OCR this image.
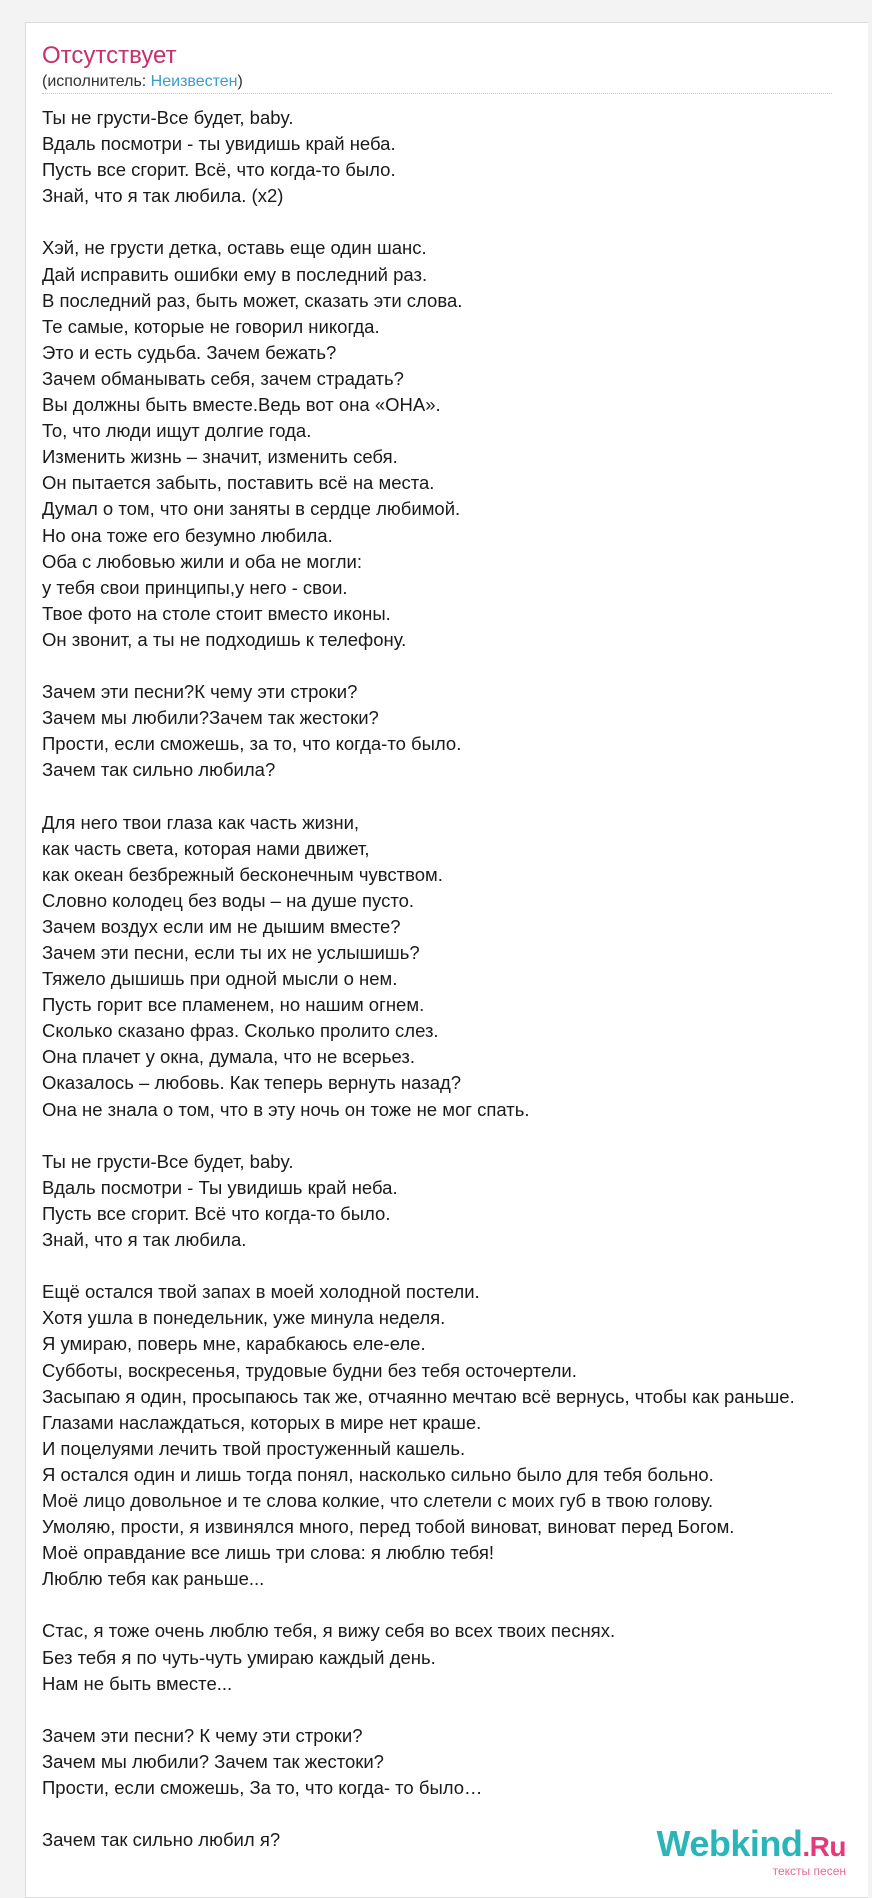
Отсутствует
(исполнитель: Неизвестен)
Ты не грусти-Все будет, baby.
Вдаль посмотри - ты увидишь край неба.
Пусть все сгорит. Всё, что когда-то было.
Знай, что я так любила. (x2)
Хэй, не грусти детка, оставь еще один шанс.
Дай исправить ошибки ему в последний раз.
В последний раз, быть может, сказать эти слова.
Те самые, которые не говорил никогда.
Это и есть судьба. Зачем бежать?
Зачем обманывать себя, зачем страдать?
Вы должны быть вместе.Ведь вот она «ОНА».
То, что люди ищут долгие года.
Изменить жизнь – значит, изменить себя.
Он пытается забыть, поставить всё на места.
Думал о том, что они заняты в сердце любимой.
Но она тоже его безумно любила.
Оба с любовью жили и оба не могли:
у тебя свои принципы,у него - свои.
Твое фото на столе стоит вместо иконы.
Он звонит, а ты не подходишь к телефону.
Зачем эти песни?К чему эти строки?
Зачем мы любили?Зачем так жестоки?
Прости, если сможешь, за то, что когда-то было.
Зачем так сильно любила?
Для него твои глаза как часть жизни,
как часть света, которая нами движет,
как океан безбрежный бесконечным чувством.
Словно колодец без воды – на душе пусто.
Зачем воздух если им не дышим вместе?
Зачем эти песни, если ты их не услышишь?
Тяжело дышишь при одной мысли о нем.
Пусть горит все пламенем, но нашим огнем.
Сколько сказано фраз. Сколько пролито слез.
Она плачет у окна, думала, что не всерьез.
Оказалось – любовь. Как теперь вернуть назад?
Она не знала о том, что в эту ночь он тоже не мог спать.
Ты не грусти-Все будет, baby.
Вдаль посмотри - Ты увидишь край неба.
Пусть все сгорит. Всё что когда-то было.
Знай, что я так любила.
Ещё остался твой запах в моей холодной постели.
Хотя ушла в понедельник, уже минула неделя.
Я умираю, поверь мне, карабкаюсь еле-еле.
Субботы, воскресенья, трудовые будни без тебя осточертели.
Засыпаю я один, просыпаюсь так же, отчаянно мечтаю всё вернусь, чтобы как раньше.
Глазами наслаждаться, которых в мире нет краше.
И поцелуями лечить твой простуженный кашель.
Я остался один и лишь тогда понял, насколько сильно было для тебя больно.
Моё лицо довольное и те слова колкие, что слетели с моих губ в твою голову.
Умоляю, прости, я извинялся много, перед тобой виноват, виноват перед Богом.
Моё оправдание все лишь три слова: я люблю тебя!
Люблю тебя как раньше...
Стас, я тоже очень люблю тебя, я вижу себя во всех твоих песнях.
Без тебя я по чуть-чуть умираю каждый день.
Нам не быть вместе...
Зачем эти песни? К чему эти строки?
Зачем мы любили? Зачем так жестоки?
Прости, если сможешь, За то, что когда- то было…
Зачем так сильно любил я?	Webkind.Ru
тексты песен
